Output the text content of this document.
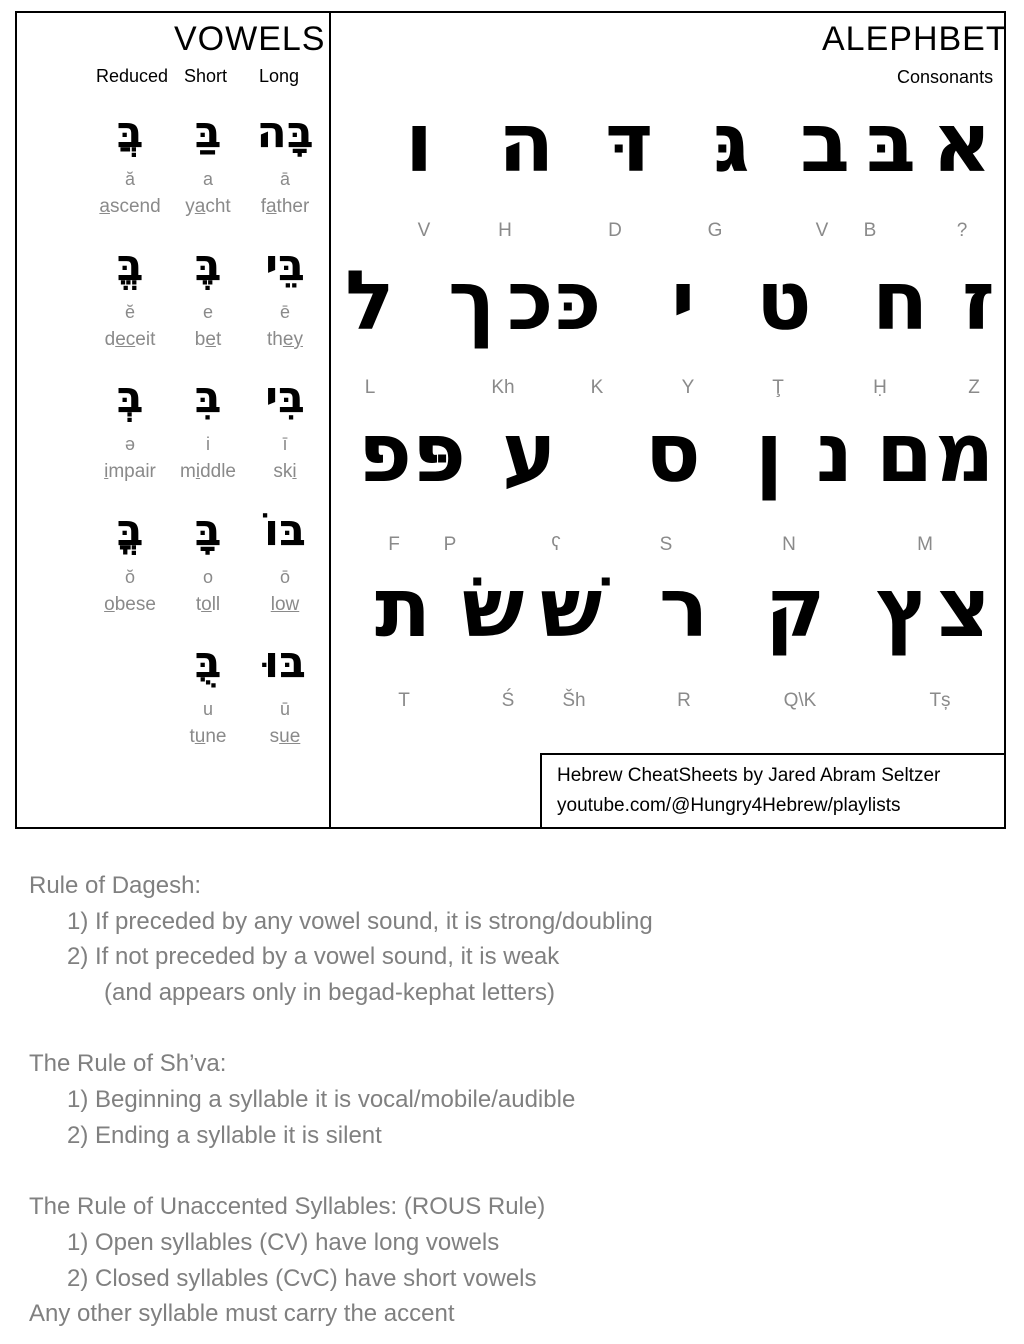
VOWELS
Reduced Short Long
בֲּ
ă
ascend
בַּ
a
yacht
בָּה
ā
father
בֱּ
ĕ
deceit
בֶּ
e
bet
בֵּי
ē
they
בְּ
ə
impair
בִּ
i
middle
בִּי
ī
ski
בֳּ
ŏ
obese
בָּ
o
toll
בּוֹ
ō
low
בֻּ
u
tune
בּוּ
ū
sue
ALEPHBET
Consonants
א
בּ
ב
גּ
דּ
ה
ו
?
B
V
G
D
H
V
ז
ח
ט
י
כּ
כ
ך
ל
Z
Ḥ
Ţ
Y
K
Kh
L
מ
ם
נ
ן
ס
ע
פּ
פ
M
N
S
ʕ
P
F
צ
ץ
ק
ר
שׁ
שׂ
ת
Tș
Q\K
R
Šh
Ś
T
Hebrew CheatSheets by Jared Abram Seltzer
youtube.com/@Hungry4Hebrew/playlists
Rule of Dagesh:
1) If preceded by any vowel sound, it is strong/doubling
2) If not preceded by a vowel sound, it is weak
(and appears only in begad-kephat letters)
The Rule of Sh’va:
1) Beginning a syllable it is vocal/mobile/audible
2) Ending a syllable it is silent
The Rule of Unaccented Syllables: (ROUS Rule)
1) Open syllables (CV) have long vowels
2) Closed syllables (CvC) have short vowels
Any other syllable must carry the accent
